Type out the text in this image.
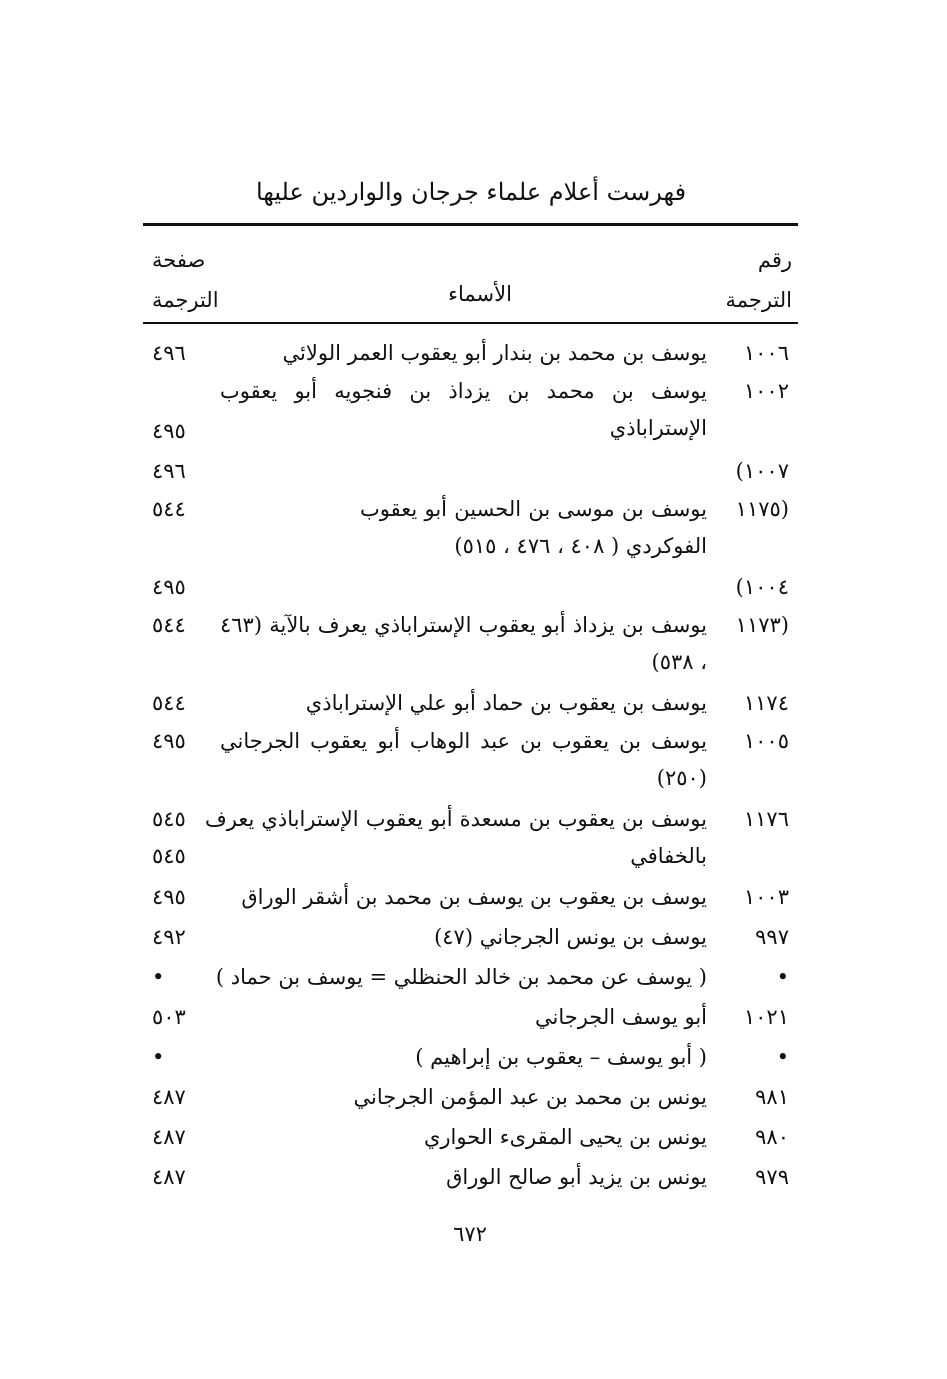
فهرست أعلام علماء جرجان والواردين عليها
رقم
الترجمة
الأسماء
صفحة
الترجمة
١٠٠٦
يوسف بن محمد بن بندار أبو يعقوب العمر الولائي
٤٩٦
١٠٠٢
يوسف بن محمد بن يزداذ بن فنجويه أبو يعقوب الإستراباذي
٤٩٥
١٠٠٧)
٤٩٦
(١١٧٥
يوسف بن موسى بن الحسين أبو يعقوب الفوكردي ( ٤٠٨ ، ٤٧٦ ، ٥١٥)
٥٤٤
١٠٠٤)
٤٩٥
(١١٧٣
يوسف بن يزداذ أبو يعقوب الإستراباذي يعرف بالآية (٤٦٣ ، ٥٣٨)
٥٤٤
١١٧٤
يوسف بن يعقوب بن حماد أبو علي الإستراباذي
٥٤٤
١٠٠٥
يوسف بن يعقوب بن عبد الوهاب أبو يعقوب الجرجاني (٢٥٠)
٤٩٥
١١٧٦
يوسف بن يعقوب بن مسعدة أبو يعقوب الإستراباذي يعرف بالخفافي
٥٤٥
٥٤٥
١٠٠٣
يوسف بن يعقوب بن يوسف بن محمد بن أشقر الوراق
٤٩٥
٩٩٧
يوسف بن يونس الجرجاني (٤٧)
٤٩٢
•
( يوسف عن محمد بن خالد الحنظلي = يوسف بن حماد )
•
١٠٢١
أبو يوسف الجرجاني
٥٠٣
•
( أبو يوسف – يعقوب بن إبراهيم )
•
٩٨١
يونس بن محمد بن عبد المؤمن الجرجاني
٤٨٧
٩٨٠
يونس بن يحيى المقرىء الحواري
٤٨٧
٩٧٩
يونس بن يزيد أبو صالح الوراق
٤٨٧
٦٧٢
